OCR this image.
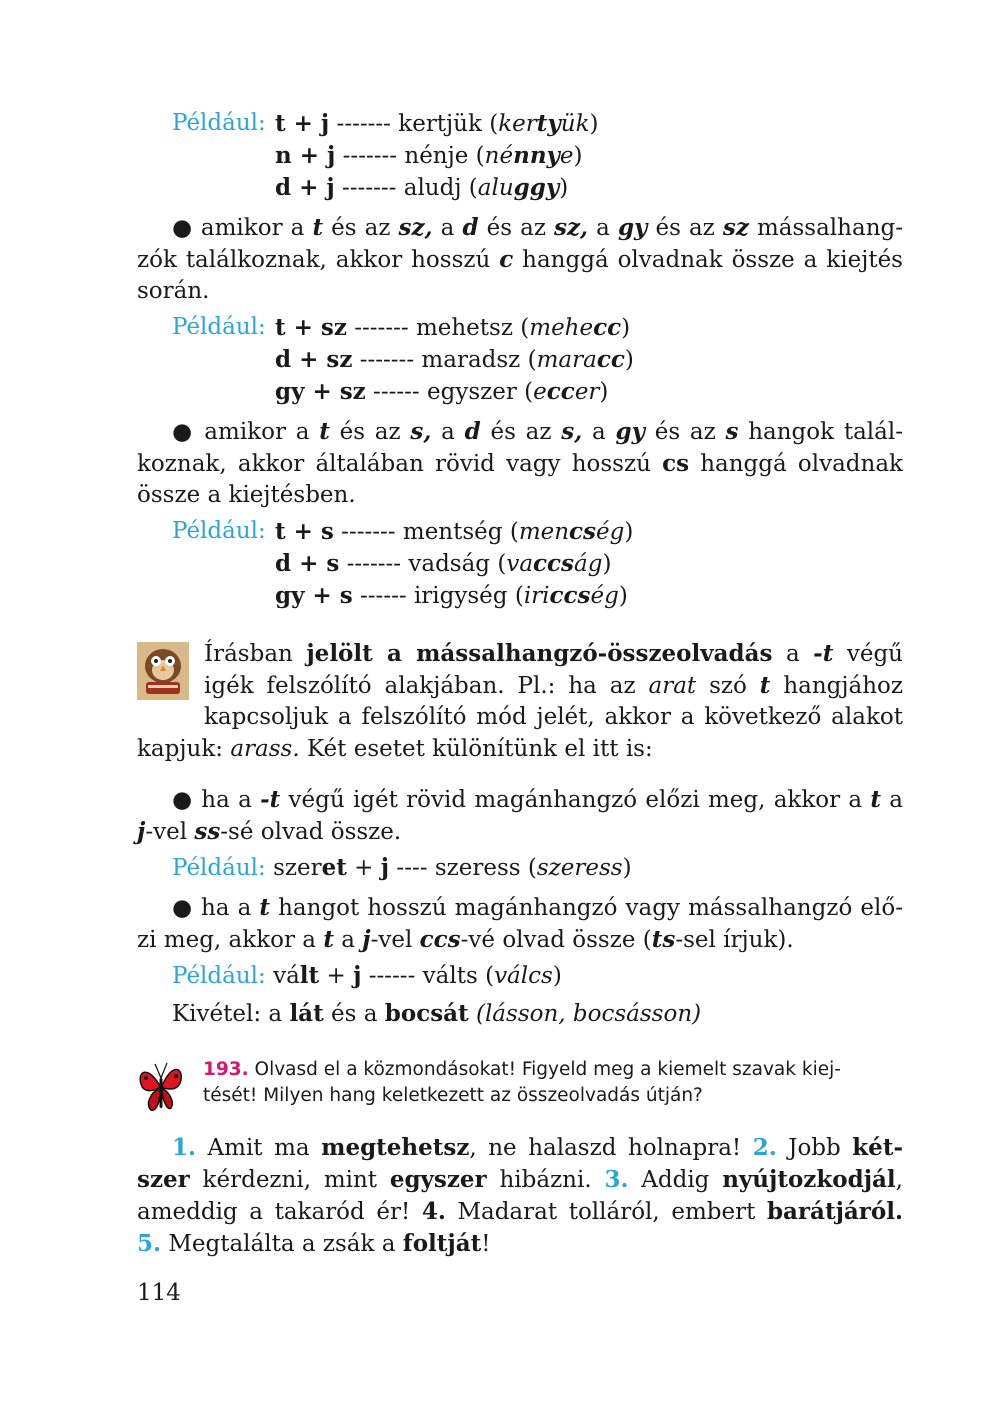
Például: t + j ------- kertjük (kertyük)
n + j ------- nénje (nénnye)
d + j ------- aludj (aluggy)
● amikor a t és az sz, a d és az sz, a gy és az sz mássalhang-
zók találkoznak, akkor hosszú c hanggá olvadnak össze a kiejtés
során.
Például: t + sz ------- mehetsz (mehecc)
d + sz ------- maradsz (maracc)
gy + sz ------ egyszer (eccer)
● amikor a t és az s, a d és az s, a gy és az s hangok talál-
koznak, akkor általában rövid vagy hosszú cs hanggá olvadnak
össze a kiejtésben.
Például: t + s ------- mentség (mencség)
d + s ------- vadság (vaccság)
gy + s ------ irigység (iriccség)
Írásban jelölt a mássalhangzó-összeolvadás a -t végű
igék felszólító alakjában. Pl.: ha az arat szó t hangjához
kapcsoljuk a felszólító mód jelét, akkor a következő alakot
kapjuk: arass. Két esetet különítünk el itt is:
● ha a -t végű igét rövid magánhangzó előzi meg, akkor a t a
j-vel ss-sé olvad össze.
Például: szeret + j ---- szeress (szeress)
● ha a t hangot hosszú magánhangzó vagy mássalhangzó elő-
zi meg, akkor a t a j-vel ccs-vé olvad össze (ts-sel írjuk).
Például: vált + j ------ válts (válcs)
Kivétel: a lát és a bocsát (lásson, bocsásson)
193. Olvasd el a közmondásokat! Figyeld meg a kiemelt szavak kiej-
tését! Milyen hang keletkezett az összeolvadás útján?
1. Amit ma megtehetsz, ne halaszd holnapra! 2. Jobb két-
szer kérdezni, mint egyszer hibázni. 3. Addig nyújtozkodjál,
ameddig a takaród ér! 4. Madarat tolláról, embert barátjáról.
5. Megtalálta a zsák a foltját!
114
